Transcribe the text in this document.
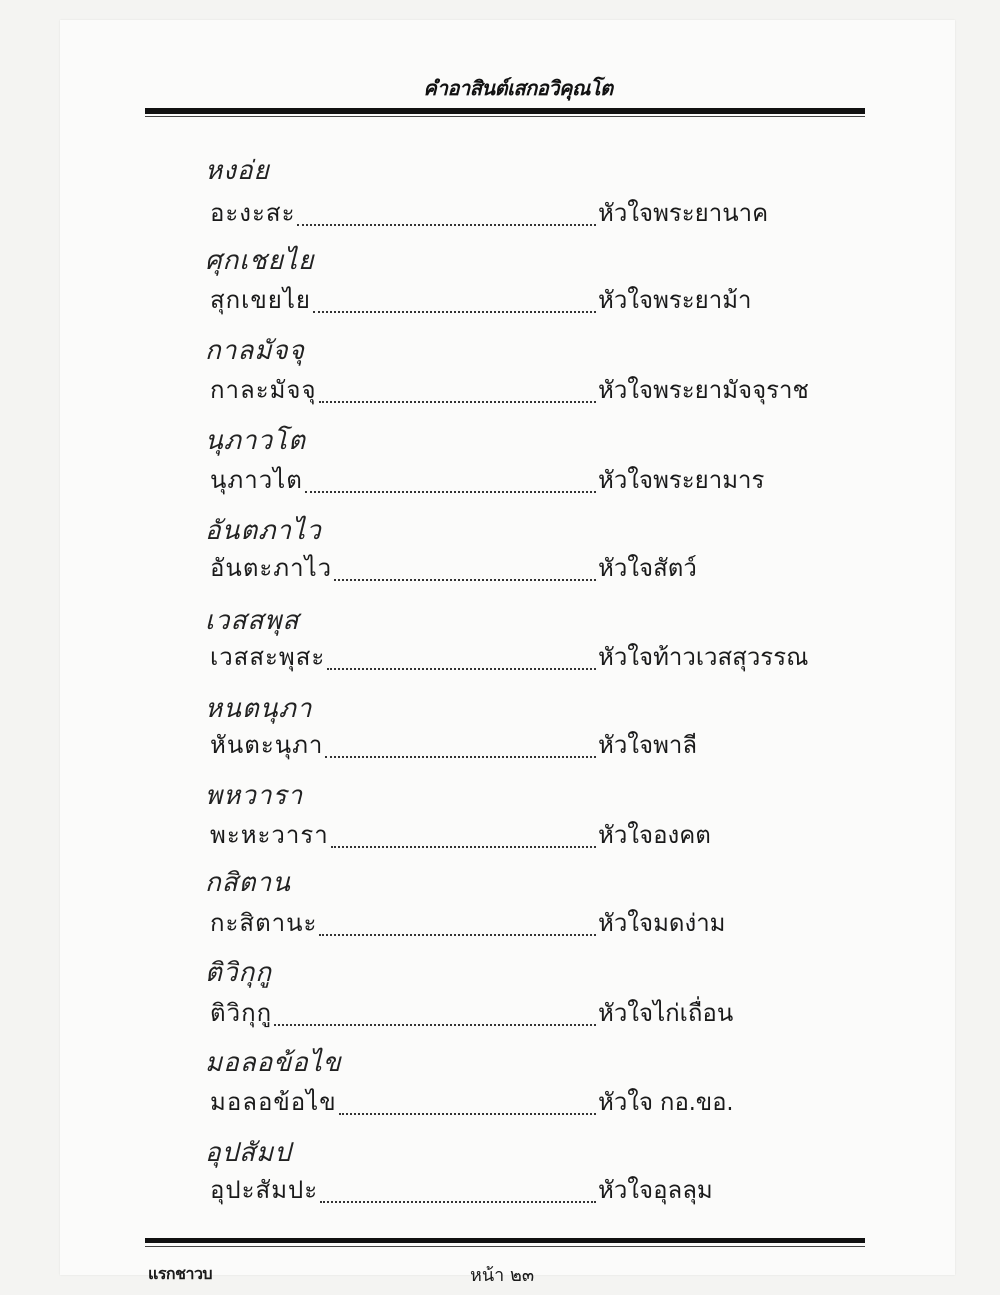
คำอาสินต์เสกอวิคุณโต
หงอ่ย
อะงะสะ	หัวใจพระยานาค
ศุกเชยไย
สุกเขยไย	หัวใจพระยาม้า
กาลมัจจุ
กาละมัจจุ	หัวใจพระยามัจจุราช
นุภาวโต
นุภาวไต	หัวใจพระยามาร
อันตภาไว
อันตะภาไว	หัวใจสัตว์
เวสสพุส
เวสสะพุสะ	หัวใจท้าวเวสสุวรรณ
หนตนุภา
หันตะนุภา	หัวใจพาลี
พหวารา
พะหะวารา	หัวใจองคต
กสิตาน
กะสิตานะ	หัวใจมดง่าม
ติวิกุกู
ติวิกุกู	หัวใจไก่เถื่อน
มอลอข้อไข
มอลอข้อไข	หัวใจ กอ.ขอ.
อุปสัมป
อุปะสัมปะ	หัวใจอุลลุม
แรกชาวบ	หน้า ๒๓
